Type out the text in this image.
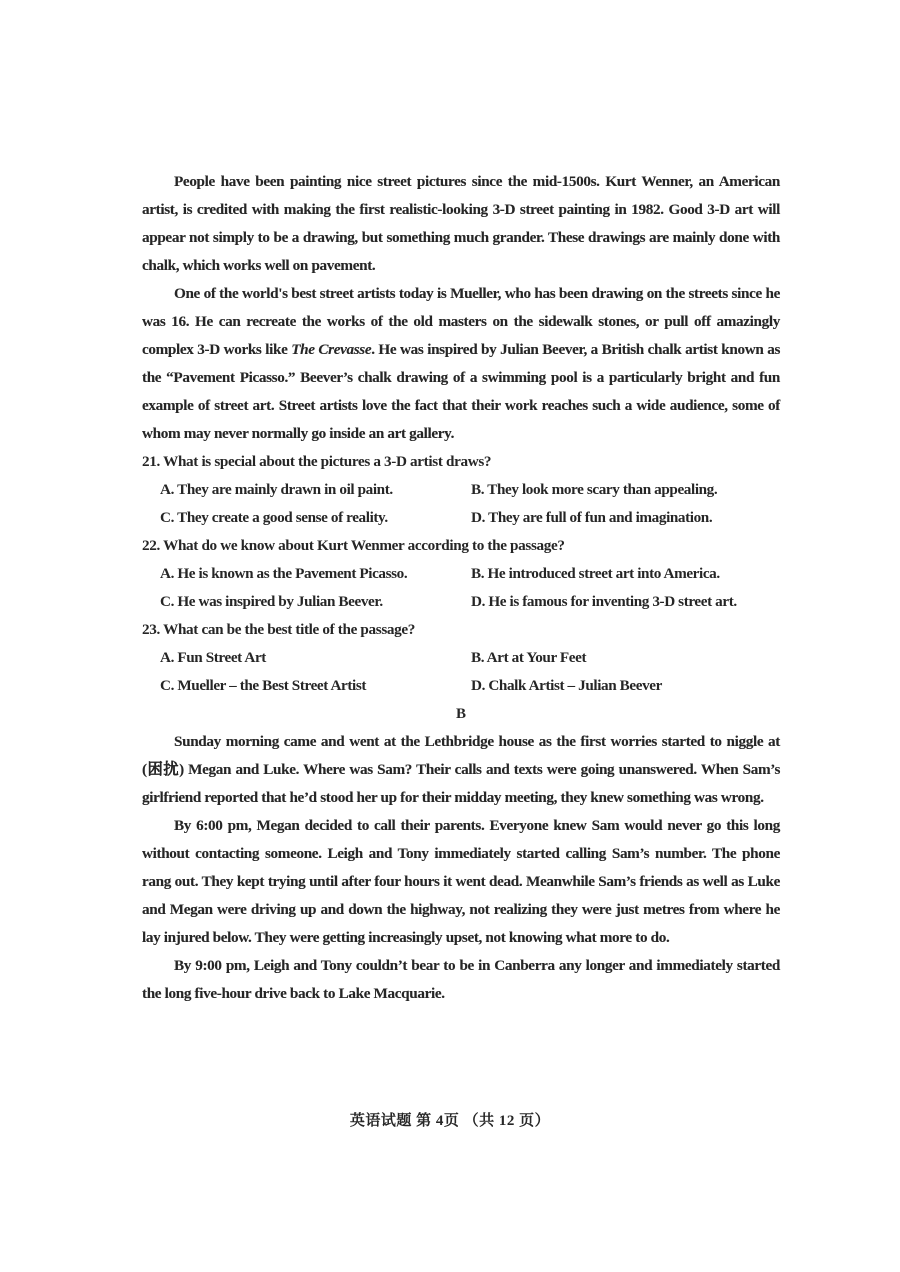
People have been painting nice street pictures since the mid-1500s. Kurt Wenner, an American artist, is credited with making the first realistic-looking 3-D street painting in 1982. Good 3-D art will appear not simply to be a drawing, but something much grander. These drawings are mainly done with chalk, which works well on pavement.

One of the world's best street artists today is Mueller, who has been drawing on the streets since he was 16. He can recreate the works of the old masters on the sidewalk stones, or pull off amazingly complex 3-D works like The Crevasse. He was inspired by Julian Beever, a British chalk artist known as the “Pavement Picasso.” Beever’s chalk drawing of a swimming pool is a particularly bright and fun example of street art. Street artists love the fact that their work reaches such a wide audience, some of whom may never normally go inside an art gallery.

21. What is special about the pictures a 3-D artist draws?

A. They are mainly drawn in oil paint.	B. They look more scary than appealing.
C. They create a good sense of reality.	D. They are full of fun and imagination.

22. What do we know about Kurt Wenmer according to the passage?

A. He is known as the Pavement Picasso.	B. He introduced street art into America.
C. He was inspired by Julian Beever.	D. He is famous for inventing 3-D street art.

23. What can be the best title of the passage?

A. Fun Street Art	B. Art at Your Feet
C. Mueller – the Best Street Artist	D. Chalk Artist – Julian Beever

B

Sunday morning came and went at the Lethbridge house as the first worries started to niggle at (困扰) Megan and Luke. Where was Sam? Their calls and texts were going unanswered. When Sam’s girlfriend reported that he’d stood her up for their midday meeting, they knew something was wrong.

By 6:00 pm, Megan decided to call their parents. Everyone knew Sam would never go this long without contacting someone. Leigh and Tony immediately started calling Sam’s number. The phone rang out. They kept trying until after four hours it went dead. Meanwhile Sam’s friends as well as Luke and Megan were driving up and down the highway, not realizing they were just metres from where he lay injured below. They were getting increasingly upset, not knowing what more to do.

By 9:00 pm, Leigh and Tony couldn’t bear to be in Canberra any longer and immediately started the long five-hour drive back to Lake Macquarie.

英语试题 第 4页 （共 12 页）
